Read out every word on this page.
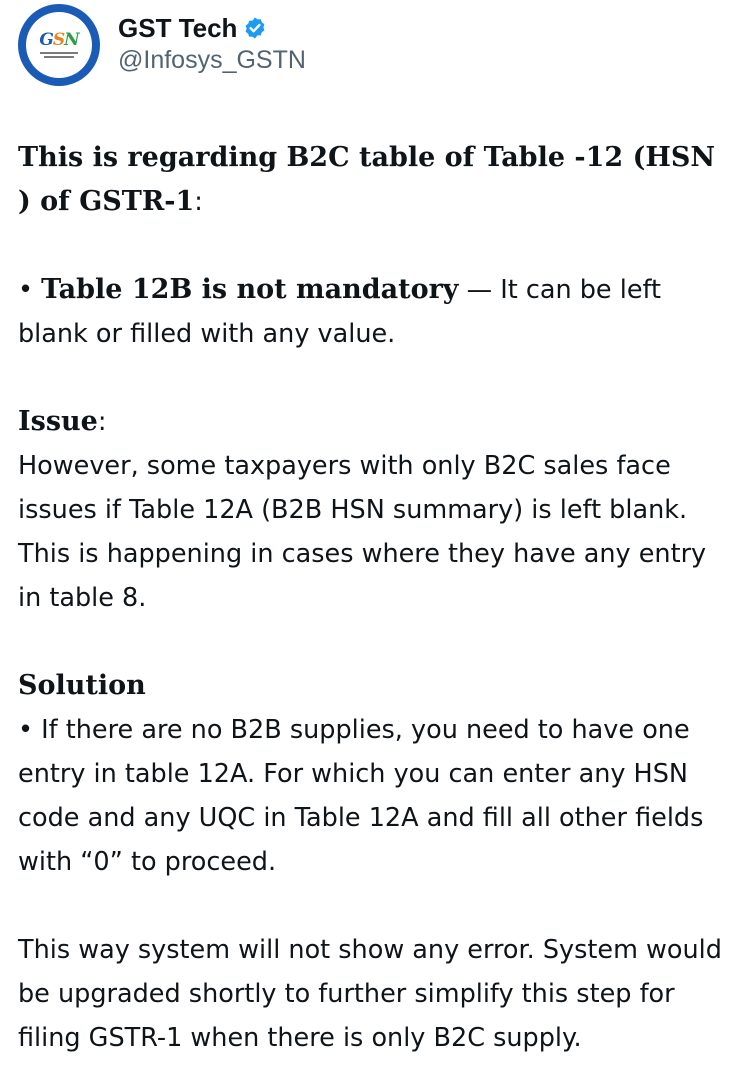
GSN GST Tech
@Infosys_GSTN

This is regarding B2C table of Table -12 (HSN ) of GSTR-1:

• Table 12B is not mandatory — It can be left blank or filled with any value.

Issue:

However, some taxpayers with only B2C sales face issues if Table 12A (B2B HSN summary) is left blank. This is happening in cases where they have any entry in table 8.

Solution

• If there are no B2B supplies, you need to have one entry in table 12A. For which you can enter any HSN code and any UQC in Table 12A and fill all other fields with “0” to proceed.

This way system will not show any error. System would be upgraded shortly to further simplify this step for filing GSTR-1 when there is only B2C supply.
